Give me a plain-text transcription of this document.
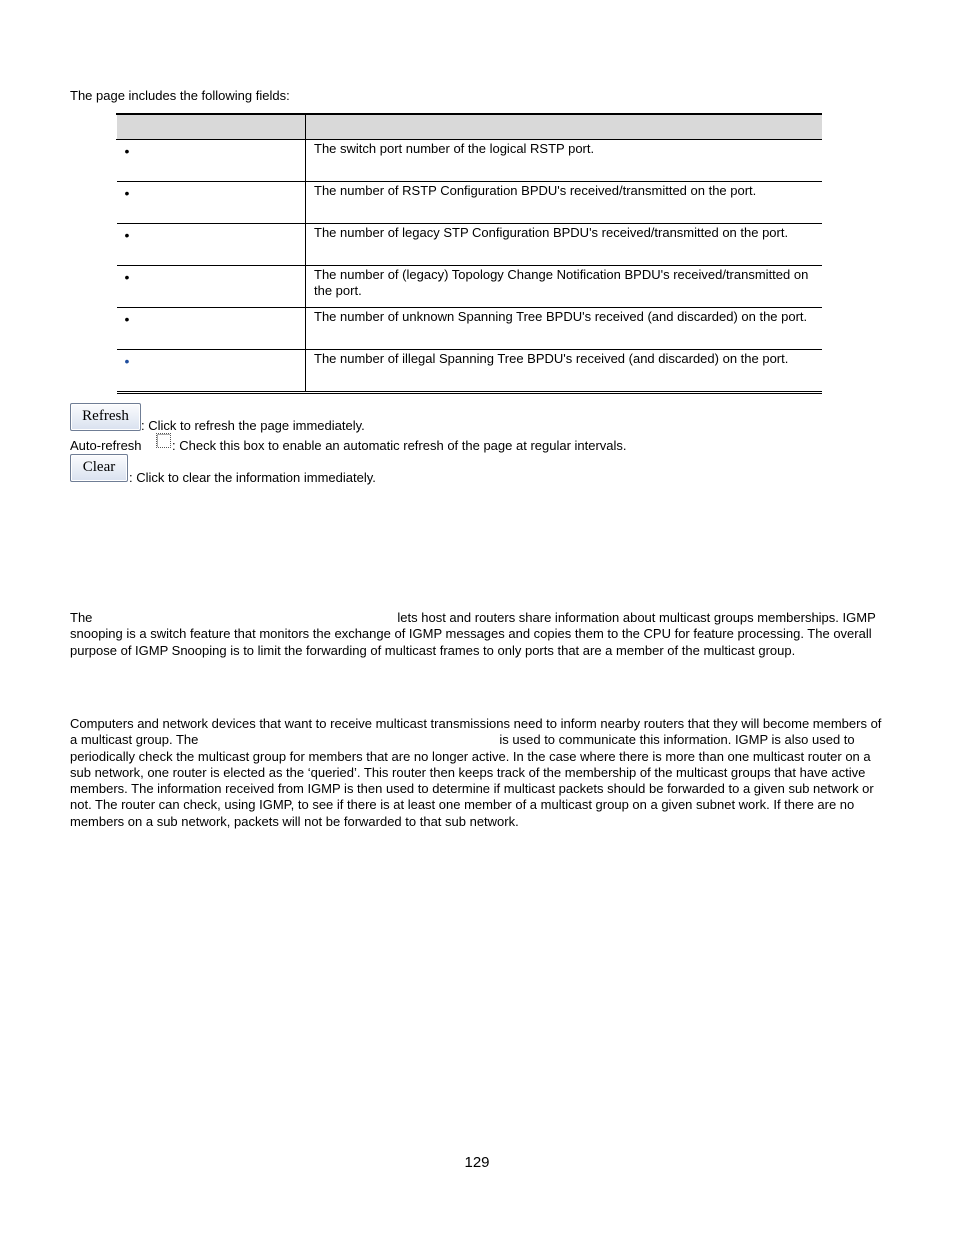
The page includes the following fields:

•	The switch port number of the logical RSTP port.
•	The number of RSTP Configuration BPDU's received/transmitted on the port.
•	The number of legacy STP Configuration BPDU's received/transmitted on the port.
•	The number of (legacy) Topology Change Notification BPDU's received/transmitted on the port.
•	The number of unknown Spanning Tree BPDU's received (and discarded) on the port.
•	The number of illegal Spanning Tree BPDU's received (and discarded) on the port.
Refresh
: Click to refresh the page immediately.
Auto-refresh : Check this box to enable an automatic refresh of the page at regular intervals.
Clear
: Click to clear the information immediately.
The	lets host and routers share information about multicast groups memberships. IGMP snooping is a switch feature that monitors the exchange of IGMP messages and copies them to the CPU for feature processing. The overall purpose of IGMP Snooping is to limit the forwarding of multicast frames to only ports that are a member of the multicast group.
Computers and network devices that want to receive multicast transmissions need to inform nearby routers that they will become members of a multicast group. The	is used to communicate this information. IGMP is also used to periodically check the multicast group for members that are no longer active. In the case where there is more than one multicast router on a sub network, one router is elected as the ‘queried’. This router then keeps track of the membership of the multicast groups that have active members. The information received from IGMP is then used to determine if multicast packets should be forwarded to a given sub network or not. The router can check, using IGMP, to see if there is at least one member of a multicast group on a given subnet work. If there are no members on a sub network, packets will not be forwarded to that sub network.
129
